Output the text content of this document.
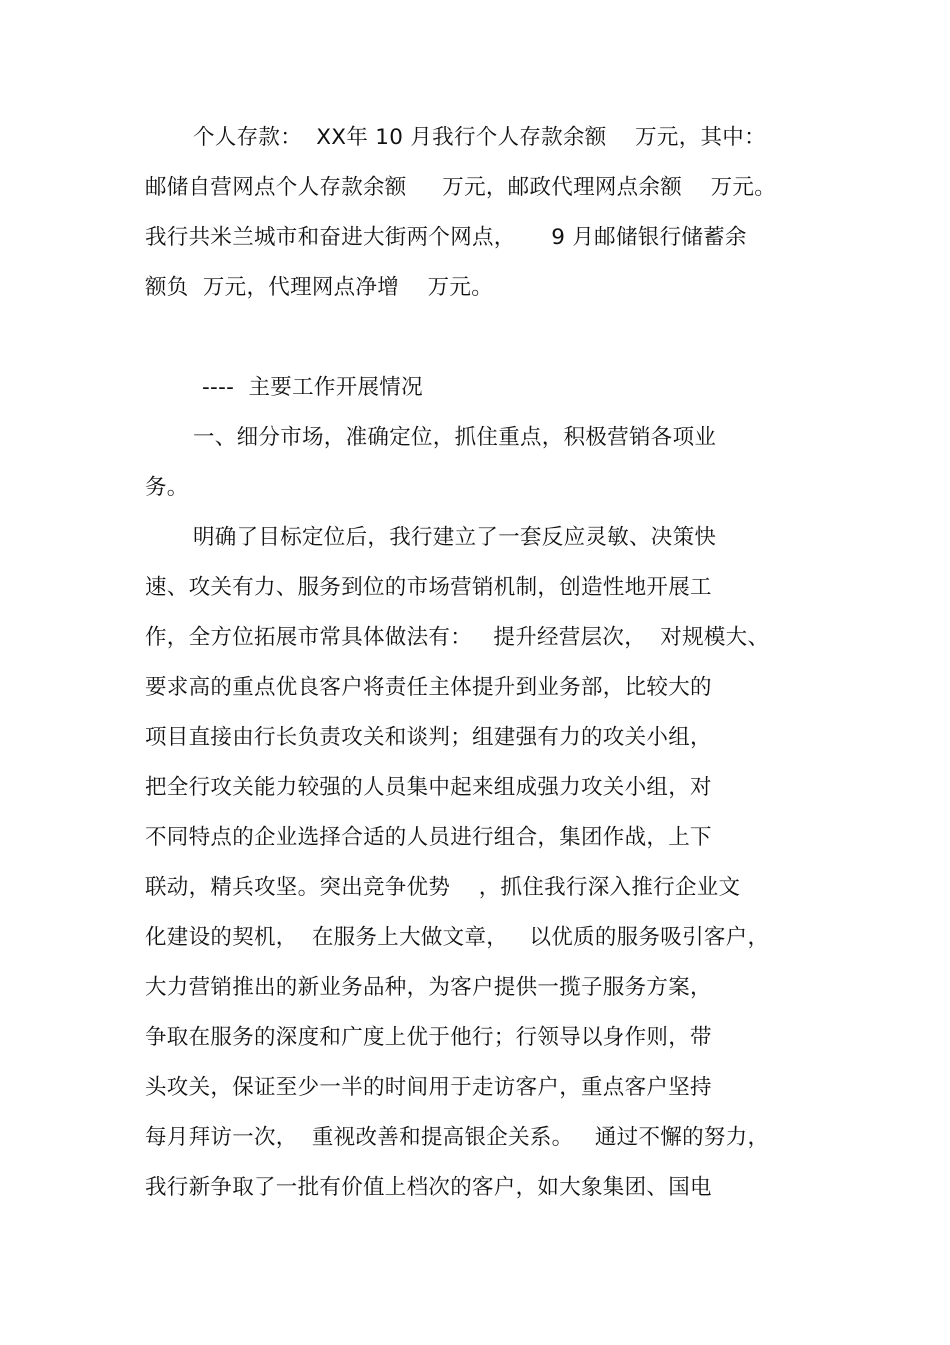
个人存款：  XX年 10 月我行个人存款余额    万元，其中：
邮储自营网点个人存款余额     万元，邮政代理网点余额    万元。
我行共米兰城市和奋进大街两个网点，     9 月邮储银行储蓄余
额负  万元，代理网点净增    万元。
----  主要工作开展情况
一、细分市场，准确定位，抓住重点，积极营销各项业
务。
明确了目标定位后，我行建立了一套反应灵敏、决策快
速、攻关有力、服务到位的市场营销机制，创造性地开展工
作，全方位拓展市常具体做法有：   提升经营层次，  对规模大、
要求高的重点优良客户将责任主体提升到业务部，比较大的
项目直接由行长负责攻关和谈判；组建强有力的攻关小组，
把全行攻关能力较强的人员集中起来组成强力攻关小组，对
不同特点的企业选择合适的人员进行组合，集团作战，上下
联动，精兵攻坚。突出竞争优势    ，抓住我行深入推行企业文
化建设的契机，  在服务上大做文章，   以优质的服务吸引客户，
大力营销推出的新业务品种，为客户提供一揽子服务方案，
争取在服务的深度和广度上优于他行；行领导以身作则，带
头攻关，保证至少一半的时间用于走访客户，重点客户坚持
每月拜访一次，  重视改善和提高银企关系。   通过不懈的努力，
我行新争取了一批有价值上档次的客户，如大象集团、国电
